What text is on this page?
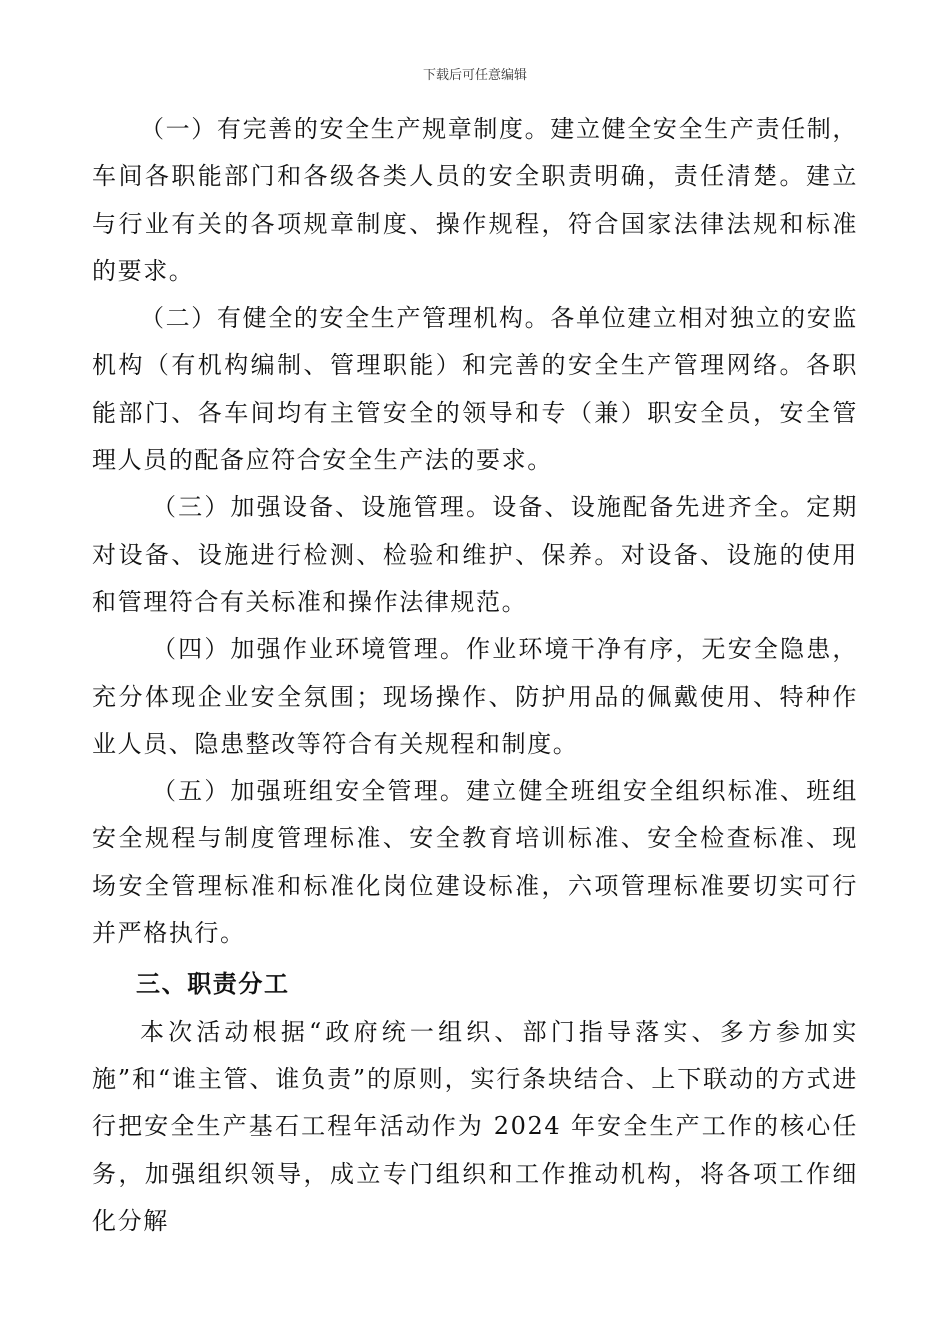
下载后可任意编辑

（一）有完善的安全生产规章制度。建立健全安全生产责任制，车间各职能部门和各级各类人员的安全职责明确，责任清楚。建立与行业有关的各项规章制度、操作规程，符合国家法律法规和标准的要求。

（二）有健全的安全生产管理机构。各单位建立相对独立的安监机构（有机构编制、管理职能）和完善的安全生产管理网络。各职能部门、各车间均有主管安全的领导和专（兼）职安全员，安全管理人员的配备应符合安全生产法的要求。

（三）加强设备、设施管理。设备、设施配备先进齐全。定期对设备、设施进行检测、检验和维护、保养。对设备、设施的使用和管理符合有关标准和操作法律规范。

（四）加强作业环境管理。作业环境干净有序，无安全隐患，充分体现企业安全氛围；现场操作、防护用品的佩戴使用、特种作业人员、隐患整改等符合有关规程和制度。

（五）加强班组安全管理。建立健全班组安全组织标准、班组安全规程与制度管理标准、安全教育培训标准、安全检查标准、现场安全管理标准和标准化岗位建设标准，六项管理标准要切实可行并严格执行。

三、职责分工

本次活动根据“政府统一组织、部门指导落实、多方参加实施”和“谁主管、谁负责”的原则，实行条块结合、上下联动的方式进行把安全生产基石工程年活动作为 2024 年安全生产工作的核心任务，加强组织领导，成立专门组织和工作推动机构，将各项工作细化分解
